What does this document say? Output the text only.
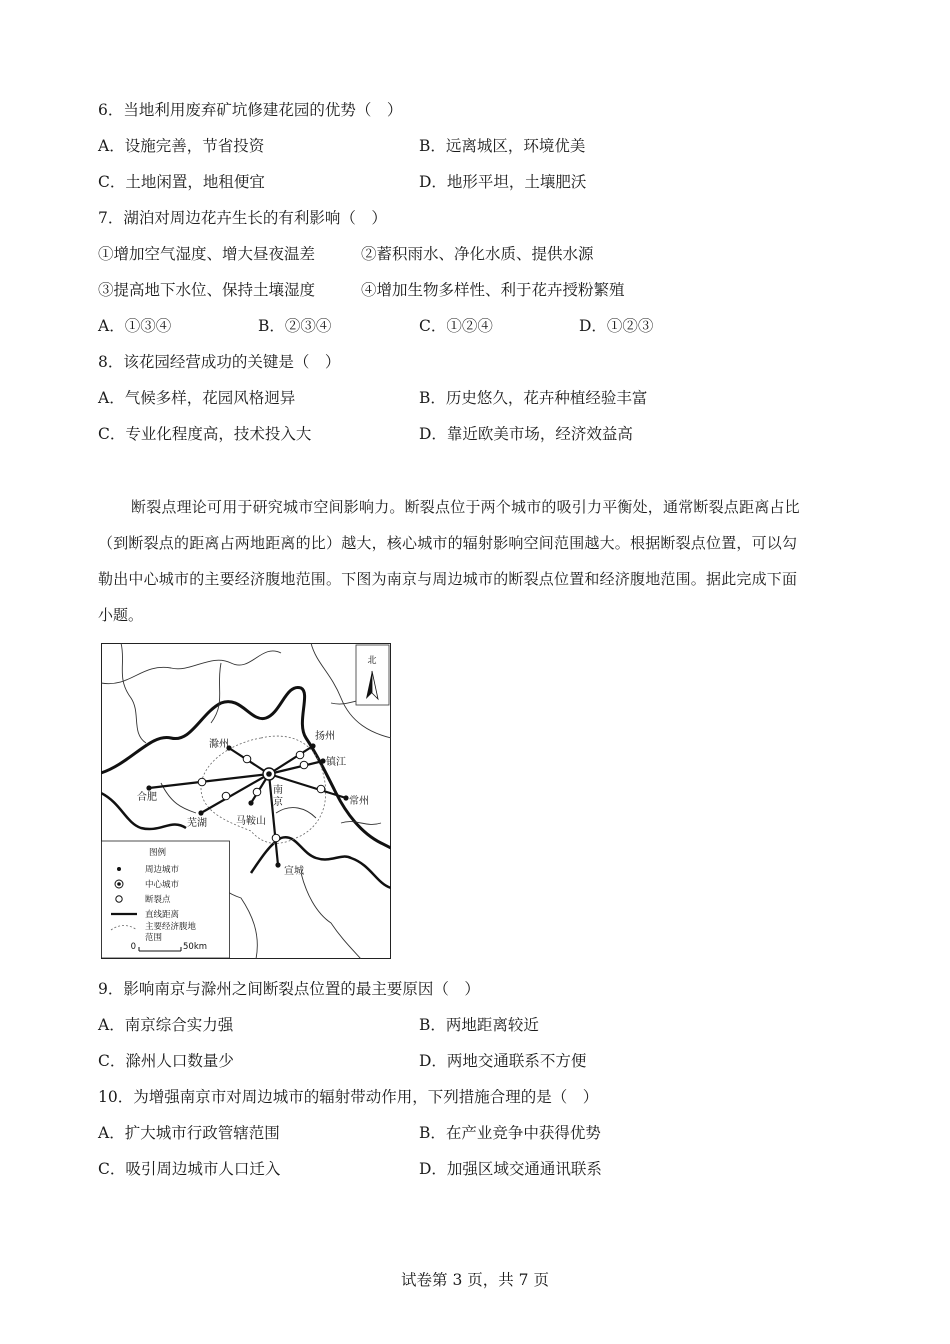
6．当地利用废弃矿坑修建花园的优势（　）
A．设施完善，节省投资	B．远离城区，环境优美
C．土地闲置，地租便宜	D．地形平坦，土壤肥沃
7．湖泊对周边花卉生长的有利影响（　）
①增加空气湿度、增大昼夜温差	②蓄积雨水、净化水质、提供水源
③提高地下水位、保持土壤湿度	④增加生物多样性、利于花卉授粉繁殖
A．①③④	B．②③④	C．①②④	D．①②③
8．该花园经营成功的关键是（　）
A．气候多样，花园风格迥异	B．历史悠久，花卉种植经验丰富
C．专业化程度高，技术投入大	D．靠近欧美市场，经济效益高
断裂点理论可用于研究城市空间影响力。断裂点位于两个城市的吸引力平衡处，通常断裂点距离占比
（到断裂点的距离占两地距离的比）越大，核心城市的辐射影响空间范围越大。根据断裂点位置，可以勾
勒出中心城市的主要经济腹地范围。下图为南京与周边城市的断裂点位置和经济腹地范围。据此完成下面
小题。
北
扬州
滁州
镇江
合肥
南
京	常州
芜湖	马鞍山
宣城
图例
周边城市
中心城市
断裂点
直线距离
主要经济腹地
范围
0	50km
9．影响南京与滁州之间断裂点位置的最主要原因（　）
A．南京综合实力强	B．两地距离较近
C．滁州人口数量少	D．两地交通联系不方便
10．为增强南京市对周边城市的辐射带动作用，下列措施合理的是（　）
A．扩大城市行政管辖范围	B．在产业竞争中获得优势
C．吸引周边城市人口迁入	D．加强区域交通通讯联系
试卷第 3 页，共 7 页
